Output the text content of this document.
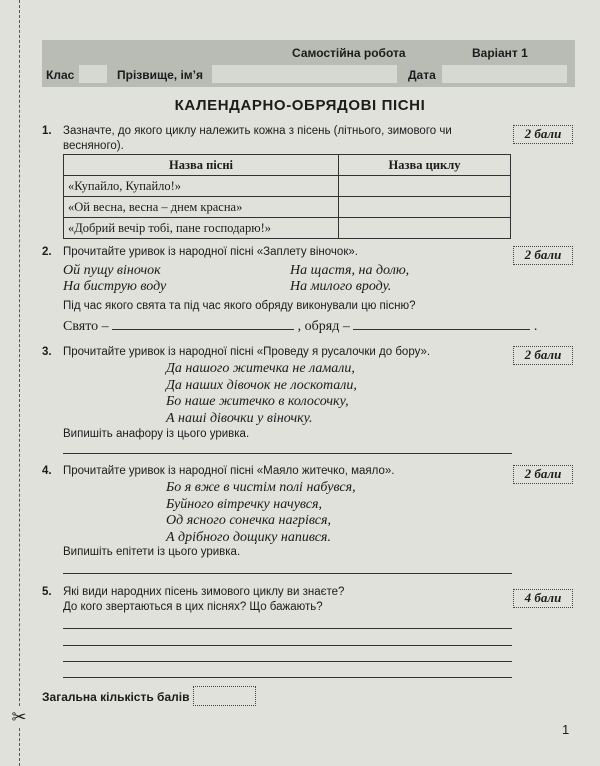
✂
Самостійна робота	Варіант 1
Клас	Прізвище, ім’я	Дата
КАЛЕНДАРНО-ОБРЯДОВІ ПІСНІ
1. Зазначте, до якого циклу належить кожна з пісень (літнього, зимового чи весняного).
2 бали
Назва пісні	Назва циклу
«Купайло, Купайло!»	
«Ой весна, весна – днем красна»	
«Добрий вечір тобі, пане господарю!»	
2. Прочитайте уривок із народної пісні «Заплету віночок».	2 бали
Ой пущу віночок
На биструю воду
На щастя, на долю,
На милого вроду.
Під час якого свята та під час якого обряду виконували цю пісню?
Свято –	, обряд –	.
3. Прочитайте уривок із народної пісні «Проведу я русалочки до бору».	2 бали
Да нашого житечка не ламали,
Да наших дівочок не лоскотали,
Бо наше житечко в колосочку,
А наші дівочки у віночку.
Випишіть анафору із цього уривка.
4. Прочитайте уривок із народної пісні «Маяло житечко, маяло».	2 бали
Бо я вже в чистім полі набувся,
Буйного вітречку начувся,
Од ясного сонечка нагрівся,
А дрібного дощику напився.
Випишіть епітети із цього уривка.
5. Які види народних пісень зимового циклу ви знаєте?
До кого звертаються в цих піснях? Що бажають?
4 бали
Загальна кількість балів
1
